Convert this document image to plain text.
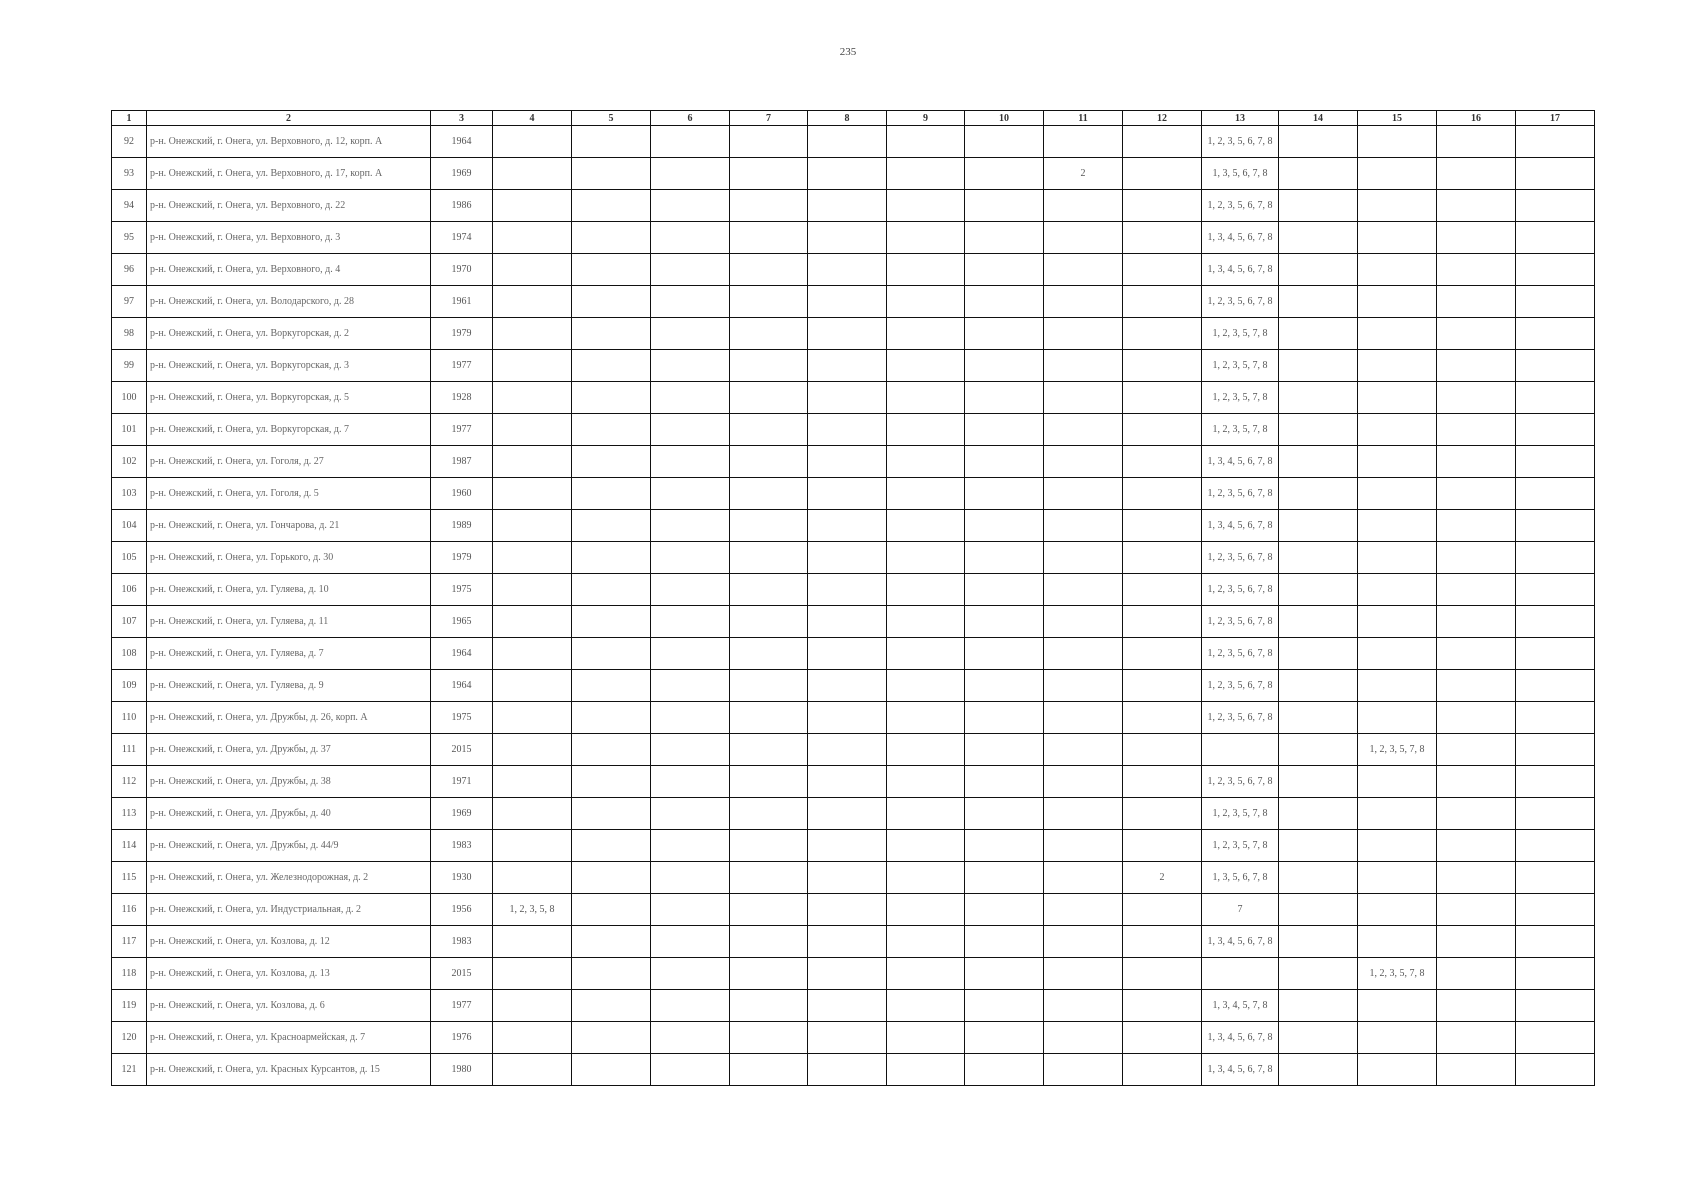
235
1	2	3	4	5	6	7	8	9	10	11	12	13	14	15	16	17
92	р-н. Онежский, г. Онега, ул. Верховного, д. 12, корп. А	1964										1, 2, 3, 5, 6, 7, 8				
93	р-н. Онежский, г. Онега, ул. Верховного, д. 17, корп. А	1969								2		1, 3, 5, 6, 7, 8				
94	р-н. Онежский, г. Онега, ул. Верховного, д. 22	1986										1, 2, 3, 5, 6, 7, 8				
95	р-н. Онежский, г. Онега, ул. Верховного, д. 3	1974										1, 3, 4, 5, 6, 7, 8				
96	р-н. Онежский, г. Онега, ул. Верховного, д. 4	1970										1, 3, 4, 5, 6, 7, 8				
97	р-н. Онежский, г. Онега, ул. Володарского, д. 28	1961										1, 2, 3, 5, 6, 7, 8				
98	р-н. Онежский, г. Онега, ул. Воркугорская, д. 2	1979										1, 2, 3, 5, 7, 8				
99	р-н. Онежский, г. Онега, ул. Воркугорская, д. 3	1977										1, 2, 3, 5, 7, 8				
100	р-н. Онежский, г. Онега, ул. Воркугорская, д. 5	1928										1, 2, 3, 5, 7, 8				
101	р-н. Онежский, г. Онега, ул. Воркугорская, д. 7	1977										1, 2, 3, 5, 7, 8				
102	р-н. Онежский, г. Онега, ул. Гоголя, д. 27	1987										1, 3, 4, 5, 6, 7, 8				
103	р-н. Онежский, г. Онега, ул. Гоголя, д. 5	1960										1, 2, 3, 5, 6, 7, 8				
104	р-н. Онежский, г. Онега, ул. Гончарова, д. 21	1989										1, 3, 4, 5, 6, 7, 8				
105	р-н. Онежский, г. Онега, ул. Горького, д. 30	1979										1, 2, 3, 5, 6, 7, 8				
106	р-н. Онежский, г. Онега, ул. Гуляева, д. 10	1975										1, 2, 3, 5, 6, 7, 8				
107	р-н. Онежский, г. Онега, ул. Гуляева, д. 11	1965										1, 2, 3, 5, 6, 7, 8				
108	р-н. Онежский, г. Онега, ул. Гуляева, д. 7	1964										1, 2, 3, 5, 6, 7, 8				
109	р-н. Онежский, г. Онега, ул. Гуляева, д. 9	1964										1, 2, 3, 5, 6, 7, 8				
110	р-н. Онежский, г. Онега, ул. Дружбы, д. 26, корп. А	1975										1, 2, 3, 5, 6, 7, 8				
111	р-н. Онежский, г. Онега, ул. Дружбы, д. 37	2015												1, 2, 3, 5, 7, 8		
112	р-н. Онежский, г. Онега, ул. Дружбы, д. 38	1971										1, 2, 3, 5, 6, 7, 8				
113	р-н. Онежский, г. Онега, ул. Дружбы, д. 40	1969										1, 2, 3, 5, 7, 8				
114	р-н. Онежский, г. Онега, ул. Дружбы, д. 44/9	1983										1, 2, 3, 5, 7, 8				
115	р-н. Онежский, г. Онега, ул. Железнодорожная, д. 2	1930									2	1, 3, 5, 6, 7, 8				
116	р-н. Онежский, г. Онега, ул. Индустриальная, д. 2	1956	1, 2, 3, 5, 8									7				
117	р-н. Онежский, г. Онега, ул. Козлова, д. 12	1983										1, 3, 4, 5, 6, 7, 8				
118	р-н. Онежский, г. Онега, ул. Козлова, д. 13	2015												1, 2, 3, 5, 7, 8		
119	р-н. Онежский, г. Онега, ул. Козлова, д. 6	1977										1, 3, 4, 5, 7, 8				
120	р-н. Онежский, г. Онега, ул. Красноармейская, д. 7	1976										1, 3, 4, 5, 6, 7, 8				
121	р-н. Онежский, г. Онега, ул. Красных Курсантов, д. 15	1980										1, 3, 4, 5, 6, 7, 8				
